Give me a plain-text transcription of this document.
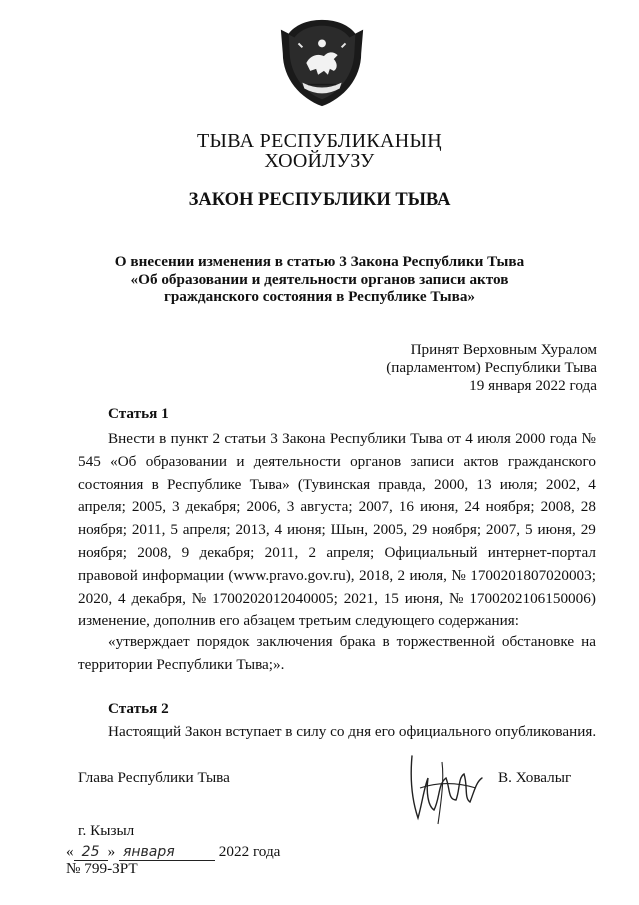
ТЫВА РЕСПУБЛИКАНЫҢ
ХООЙЛУЗУ
ЗАКОН РЕСПУБЛИКИ ТЫВА
О внесении изменения в статью 3 Закона Республики Тыва
«Об образовании и деятельности органов записи актов
гражданского состояния в Республике Тыва»
Принят Верховным Хуралом
(парламентом) Республики Тыва
19 января 2022 года
Статья 1
Внести в пункт 2 статьи 3 Закона Республики Тыва от 4 июля 2000 года №
545 «Об образовании и деятельности органов записи актов гражданского
состояния в Республике Тыва» (Тувинская правда, 2000, 13 июля; 2002, 4
апреля; 2005, 3 декабря; 2006, 3 августа; 2007, 16 июня, 24 ноября; 2008, 28
ноября; 2011, 5 апреля; 2013, 4 июня; Шын, 2005, 29 ноября; 2007, 5 июня, 29
ноября; 2008, 9 декабря; 2011, 2 апреля; Официальный интернет-портал
правовой информации (www.pravo.gov.ru), 2018, 2 июля, № 1700201807020003;
2020, 4 декабря, № 1700202012040005; 2021, 15 июня, № 1700202106150006)
изменение, дополнив его абзацем третьим следующего содержания:
«утверждает порядок заключения брака в торжественной обстановке на
территории Республики Тыва;».
Статья 2
Настоящий Закон вступает в силу со дня его официального опубликования.
Глава Республики Тыва	В. Ховалыг
г. Кызыл
« 25 » января	2022 года
№ 799-ЗРТ
